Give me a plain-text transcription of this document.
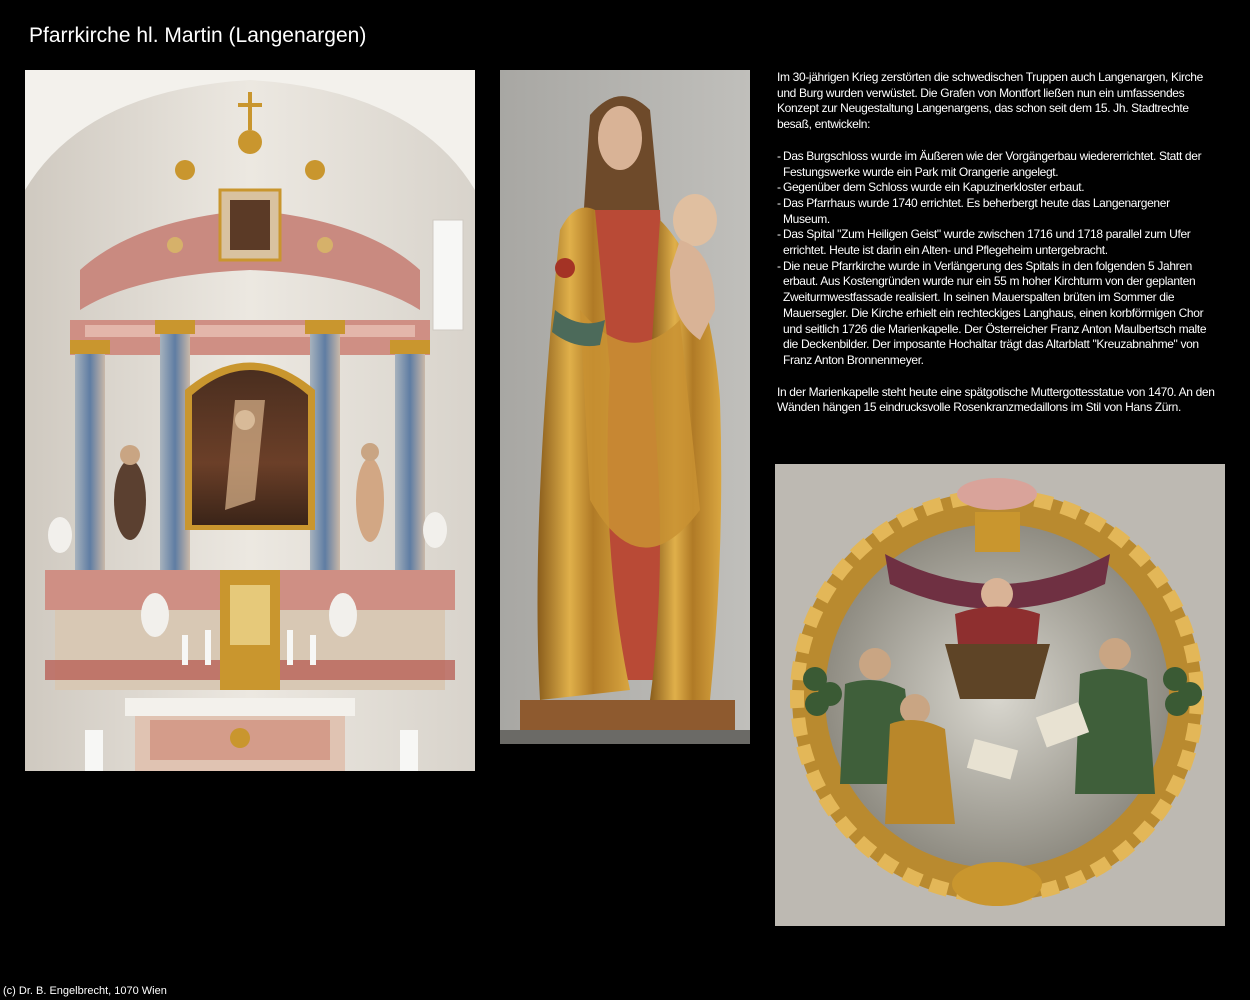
Pfarrkirche hl. Martin (Langenargen)

Im 30-jährigen Krieg zerstörten die schwedischen Truppen auch Langenargen, Kirche und Burg wurden verwüstet. Die Grafen von Montfort ließen nun ein umfassendes Konzept zur Neugestaltung Langenargens, das schon seit dem 15. Jh. Stadtrechte besaß, entwickeln:

- Das Burgschloss wurde im Äußeren wie der Vorgängerbau wiedererrichtet. Statt der Festungswerke wurde ein Park mit Orangerie angelegt.
- Gegenüber dem Schloss wurde ein Kapuzinerkloster erbaut.
- Das Pfarrhaus wurde 1740 errichtet. Es beherbergt heute das Langenargener Museum.
- Das Spital "Zum Heiligen Geist" wurde zwischen 1716 und 1718 parallel zum Ufer errichtet. Heute ist darin ein Alten- und Pflegeheim untergebracht.
- Die neue Pfarrkirche wurde in Verlängerung des Spitals in den folgenden 5 Jahren erbaut. Aus Kostengründen wurde nur ein 55 m hoher Kirchturm von der geplanten Zweiturmwestfassade realisiert. In seinen Mauerspalten brüten im Sommer die Mauersegler. Die Kirche erhielt ein rechteckiges Langhaus, einen korbförmigen Chor und seitlich 1726 die Marienkapelle. Der Österreicher Franz Anton Maulbertsch malte die Deckenbilder. Der imposante Hochaltar trägt das Altarblatt "Kreuzabnahme" von Franz Anton Bronnenmeyer.

In der Marienkapelle steht heute eine spätgotische Muttergottesstatue von 1470. An den Wänden hängen 15 eindrucksvolle Rosenkranzmedaillons im Stil von Hans Zürn.

(c) Dr. B. Engelbrecht, 1070 Wien
